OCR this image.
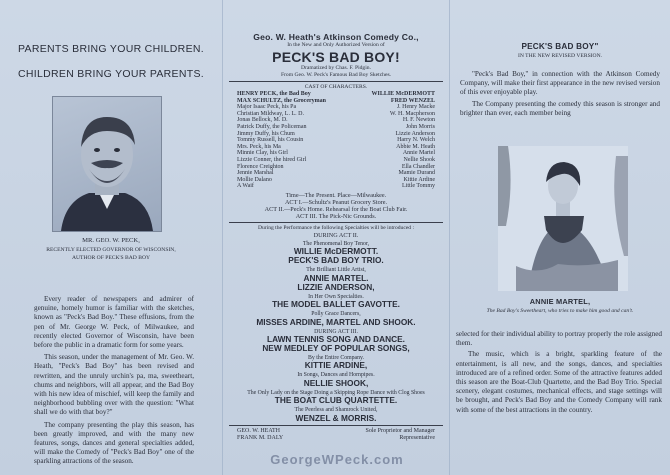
PARENTS BRING YOUR CHILDREN.
CHILDREN BRING YOUR PARENTS.
MR. GEO. W. PECK,
RECENTLY ELECTED GOVERNOR OF WISCONSIN,
AUTHOR OF PECK'S BAD BOY

Every reader of newspapers and admirer of genuine, homely humor is familiar with the sketches, known as "Peck's Bad Boy." These effusions, from the pen of Mr. George W. Peck, of Milwaukee, and recently elected Governor of Wisconsin, have been before the public in a dramatic form for some years.

This season, under the management of Mr. Geo. W. Heath, "Peck's Bad Boy" has been revised and rewritten, and the unruly urchin's pa, ma, sweetheart, chums and neighbors, will all appear, and the Bad Boy with his new idea of mischief, will keep the family and neighborhood bubbling over with the question: "What shall we do with that boy?"

The company presenting the play this season, has been greatly improved, and with the many new features, songs, dances and general specialties added, will make the Comedy of "Peck's Bad Boy" one of the sparkling attractions of the season.

Geo. W. Heath's Atkinson Comedy Co.,
In the New and Only Authorized Version of
PECK'S BAD BOY!
Dramatized by Chas. F. Pidgin.
From Geo. W. Peck's Famous Bad Boy Sketches.
CAST OF CHARACTERS.
HENRY PECK, the Bad Boy	WILLIE McDERMOTT
MAX SCHULTZ, the Groceryman	FRED WENZEL
Major Isaac Peck, his Pa	J. Henry Macke
Christian Mildway, L. L. D.	W. H. Macpherson
Jonas Bellock, M. D.	H. F. Newton
Patrick Duffy, the Policeman	John Morris
Jimmy Duffy, his Chum	Lizzie Anderson
Tommy Russell, his Cousin	Harry N. Welch
Mrs. Peck, his Ma	Abbie M. Heath
Minnie Clay, his Girl	Annie Martel
Lizzie Conner, the hired Girl	Nellie Shook
Florence Creighton	Ella Chandler
Jennie Marshal	Mamie Durand
Mollie Dalano	Kittie Ardine
A Waif	Little Tommy
Time—The Present. Place—Milwaukee.
ACT I.—Schultz's Peanut Grocery Store.
ACT II.—Peck's Home. Rehearsal for the Boat Club Fair.
ACT III. The Pick-Nic Grounds.
During the Performance the following Specialties will be introduced :
DURING ACT II.
The Phenomenal Boy Tenor,
WILLIE McDERMOTT.
PECK'S BAD BOY TRIO.
The Brilliant Little Artist,
ANNIE MARTEL.
LIZZIE ANDERSON,
In Her Own Specialties.
THE MODEL BALLET GAVOTTE.
Polly Grace Dancers,
MISSES ARDINE, MARTEL AND SHOOK.
DURING ACT III.
LAWN TENNIS SONG AND DANCE.
NEW MEDLEY OF POPULAR SONGS,
By the Entire Company.
KITTIE ARDINE,
In Songs, Dances and Hornpipes.
NELLIE SHOOK,
The Only Lady on the Stage Doing a Skipping Rope Dance with Clog Shoes
THE BOAT CLUB QUARTETTE.
The Peerless and Shamrock United,
WENZEL & MORRIS.
GEO. W. HEATH	Sole Proprietor and Manager
FRANK M. DALY	Representative
PECK'S BAD BOY"
IN THE NEW REVISED VERSION.

"Peck's Bad Boy," in connection with the Atkinson Comedy Company, will make their first appearance in the new revised version of this ever enjoyable play.

The Company presenting the comedy this season is stronger and brighter than ever, each member being

ANNIE MARTEL,
The Bad Boy's Sweetheart, who tries to make him good and can't.

selected for their individual ability to portray properly the role assigned them.

The music, which is a bright, sparkling feature of the entertainment, is all new, and the songs, dances, and specialties introduced are of a refined order. Some of the attractive features added this season are the Boat-Club Quartette, and the Bad Boy Trio. Special scenery, elegant costumes, mechanical effects, and stage settings will be brought, and Peck's Bad Boy and the Comedy Company will rank with some of the best attractions in the country.

GeorgeWPeck.com
